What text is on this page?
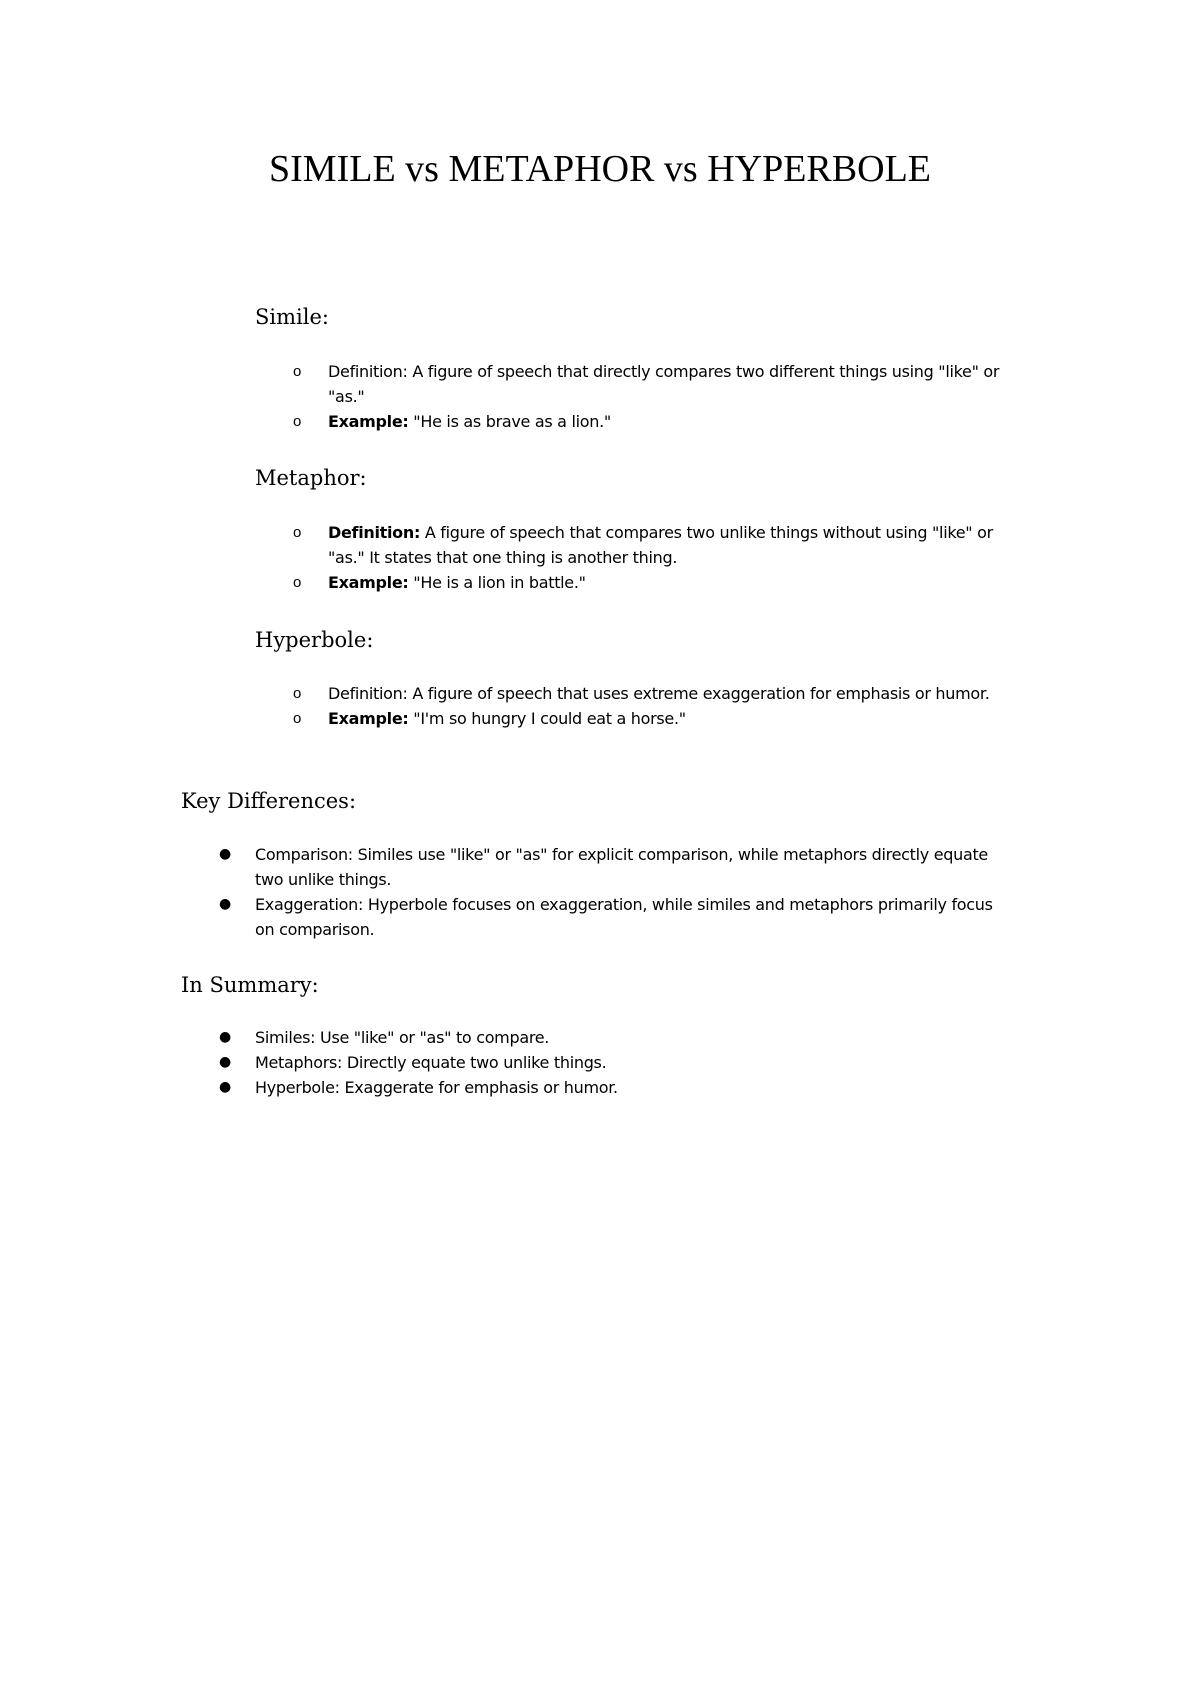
SIMILE vs METAPHOR vs HYPERBOLE
Simile:
o Definition: A figure of speech that directly compares two different things using "like" or "as."
o Example: "He is as brave as a lion."
Metaphor:
o Definition: A figure of speech that compares two unlike things without using "like" or "as." It states that one thing is another thing.
o Example: "He is a lion in battle."
Hyperbole:
o Definition: A figure of speech that uses extreme exaggeration for emphasis or humor.
o Example: "I'm so hungry I could eat a horse."
Key Differences:
● Comparison: Similes use "like" or "as" for explicit comparison, while metaphors directly equate two unlike things.
● Exaggeration: Hyperbole focuses on exaggeration, while similes and metaphors primarily focus on comparison.
In Summary:
● Similes: Use "like" or "as" to compare.
● Metaphors: Directly equate two unlike things.
● Hyperbole: Exaggerate for emphasis or humor.
